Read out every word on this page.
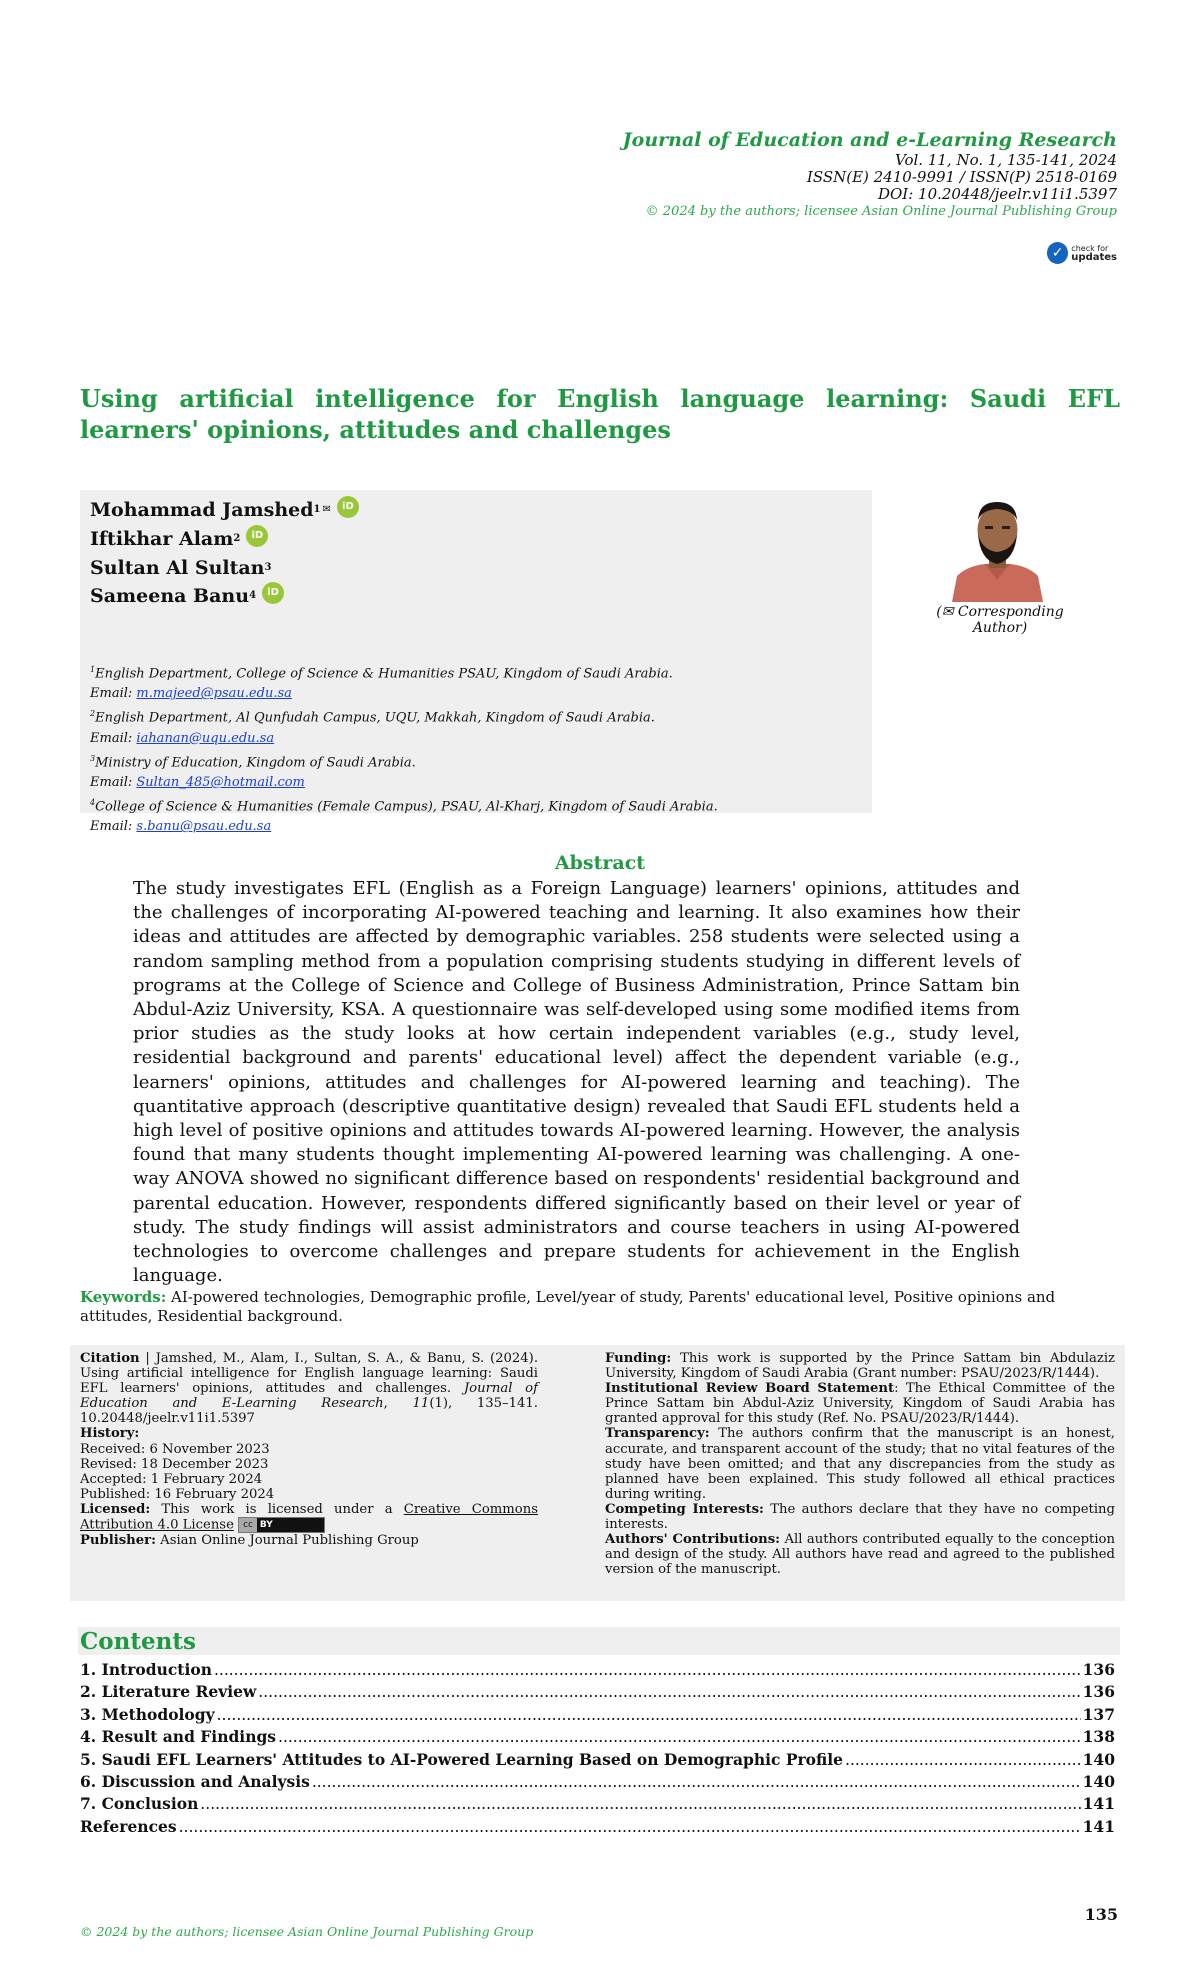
Journal of Education and e-Learning Research
Vol. 11, No. 1, 135-141, 2024
ISSN(E) 2410-9991 / ISSN(P) 2518-0169
DOI: 10.20448/jeelr.v11i1.5397
© 2024 by the authors; licensee Asian Online Journal Publishing Group
✓ check for
updates
Using artificial intelligence for English language learning: Saudi EFL learners' opinions, attitudes and challenges
Mohammad Jamshed 1 ✉	iD
Iftikhar Alam 2	iD
Sultan Al Sultan 3
Sameena Banu 4	iD
$^1$English Department, College of Science & Humanities PSAU, Kingdom of Saudi Arabia.
Email: m.majeed@psau.edu.sa
$^2$English Department, Al Qunfudah Campus, UQU, Makkah, Kingdom of Saudi Arabia.
Email: iahanan@uqu.edu.sa
$^3$Ministry of Education, Kingdom of Saudi Arabia.
Email: Sultan_485@hotmail.com
$^4$College of Science & Humanities (Female Campus), PSAU, Al-Kharj, Kingdom of Saudi Arabia.
Email: s.banu@psau.edu.sa
(✉ Corresponding Author)
Abstract
The study investigates EFL (English as a Foreign Language) learners' opinions, attitudes and the challenges of incorporating AI-powered teaching and learning. It also examines how their ideas and attitudes are affected by demographic variables. 258 students were selected using a random sampling method from a population comprising students studying in different levels of programs at the College of Science and College of Business Administration, Prince Sattam bin Abdul-Aziz University, KSA. A questionnaire was self-developed using some modified items from prior studies as the study looks at how certain independent variables (e.g., study level, residential background and parents' educational level) affect the dependent variable (e.g., learners' opinions, attitudes and challenges for AI-powered learning and teaching). The quantitative approach (descriptive quantitative design) revealed that Saudi EFL students held a high level of positive opinions and attitudes towards AI-powered learning. However, the analysis found that many students thought implementing AI-powered learning was challenging. A one-way ANOVA showed no significant difference based on respondents' residential background and parental education. However, respondents differed significantly based on their level or year of study. The study findings will assist administrators and course teachers in using AI-powered technologies to overcome challenges and prepare students for achievement in the English language.
Keywords: AI-powered technologies, Demographic profile, Level/year of study, Parents' educational level, Positive opinions and attitudes, Residential background.
Citation | Jamshed, M., Alam, I., Sultan, S. A., & Banu, S. (2024). Using artificial intelligence for English language learning: Saudi EFL learners' opinions, attitudes and challenges. Journal of Education and E-Learning Research, 11(1), 135–141. 10.20448/jeelr.v11i1.5397
History:
Received: 6 November 2023
Revised: 18 December 2023
Accepted: 1 February 2024
Published: 16 February 2024
Licensed: This work is licensed under a Creative Commons Attribution 4.0 License cc BY
Publisher: Asian Online Journal Publishing Group
Funding: This work is supported by the Prince Sattam bin Abdulaziz University, Kingdom of Saudi Arabia (Grant number: PSAU/2023/R/1444).
Institutional Review Board Statement: The Ethical Committee of the Prince Sattam bin Abdul-Aziz University, Kingdom of Saudi Arabia has granted approval for this study (Ref. No. PSAU/2023/R/1444).
Transparency: The authors confirm that the manuscript is an honest, accurate, and transparent account of the study; that no vital features of the study have been omitted; and that any discrepancies from the study as planned have been explained. This study followed all ethical practices during writing.
Competing Interests: The authors declare that they have no competing interests.
Authors' Contributions: All authors contributed equally to the conception and design of the study. All authors have read and agreed to the published version of the manuscript.
Contents
1. Introduction .....	136
2. Literature Review .....	136
3. Methodology .....	137
4. Result and Findings .....	138
5. Saudi EFL Learners' Attitudes to AI-Powered Learning Based on Demographic Profile .....	140
6. Discussion and Analysis .....	140
7. Conclusion .....	141
References .....	141
135
© 2024 by the authors; licensee Asian Online Journal Publishing Group
